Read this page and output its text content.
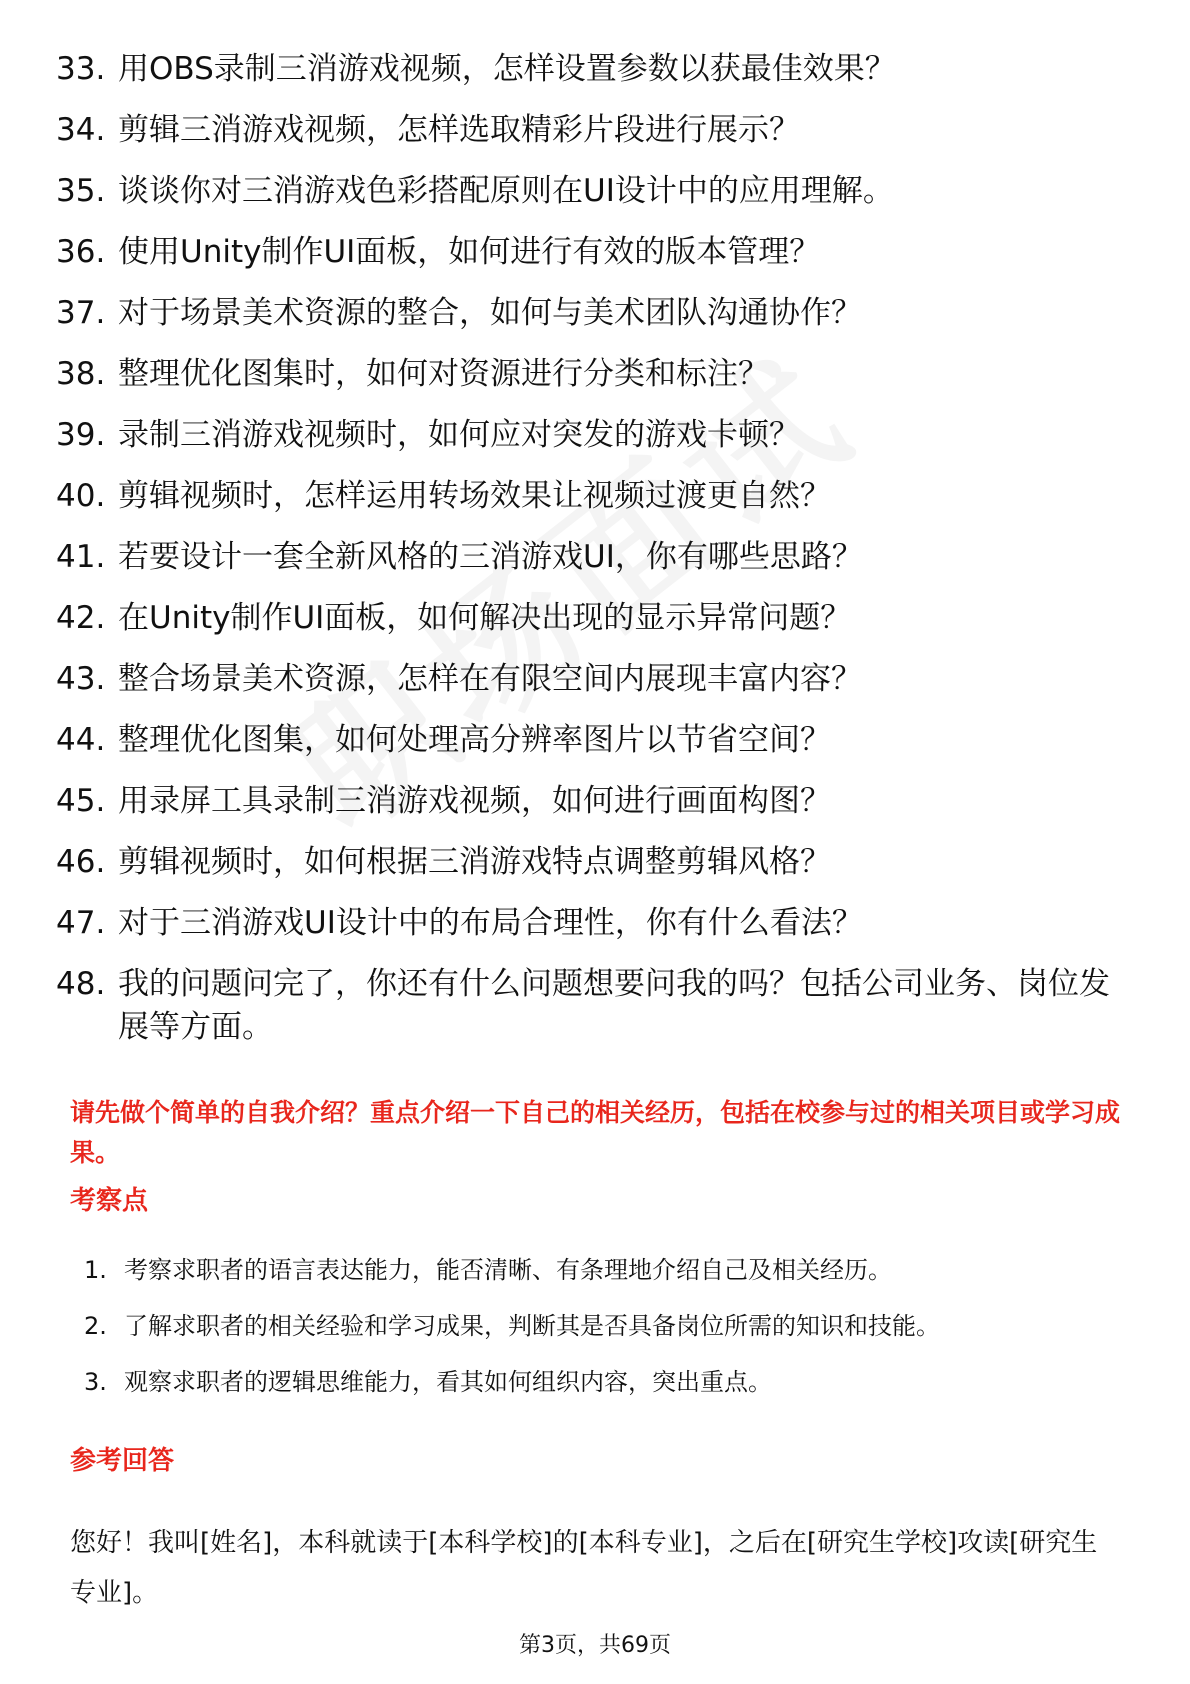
33. 用OBS录制三消游戏视频，怎样设置参数以获最佳效果？
34. 剪辑三消游戏视频，怎样选取精彩片段进行展示？
35. 谈谈你对三消游戏色彩搭配原则在UI设计中的应用理解。
36. 使用Unity制作UI面板，如何进行有效的版本管理？
37. 对于场景美术资源的整合，如何与美术团队沟通协作？
38. 整理优化图集时，如何对资源进行分类和标注？
39. 录制三消游戏视频时，如何应对突发的游戏卡顿？
40. 剪辑视频时，怎样运用转场效果让视频过渡更自然？
41. 若要设计一套全新风格的三消游戏UI，你有哪些思路？
42. 在Unity制作UI面板，如何解决出现的显示异常问题？
43. 整合场景美术资源，怎样在有限空间内展现丰富内容？
44. 整理优化图集，如何处理高分辨率图片以节省空间？
45. 用录屏工具录制三消游戏视频，如何进行画面构图？
46. 剪辑视频时，如何根据三消游戏特点调整剪辑风格？
47. 对于三消游戏UI设计中的布局合理性，你有什么看法？
48. 我的问题问完了，你还有什么问题想要问我的吗？包括公司业务、岗位发展等方面。

请先做个简单的自我介绍？重点介绍一下自己的相关经历，包括在校参与过的相关项目或学习成果。

考察点
1. 考察求职者的语言表达能力，能否清晰、有条理地介绍自己及相关经历。
2. 了解求职者的相关经验和学习成果，判断其是否具备岗位所需的知识和技能。
3. 观察求职者的逻辑思维能力，看其如何组织内容，突出重点。
参考回答

您好！我叫[姓名]，本科就读于[本科学校]的[本科专业]，之后在[研究生学校]攻读[研究生专业]。

第3页，共69页
